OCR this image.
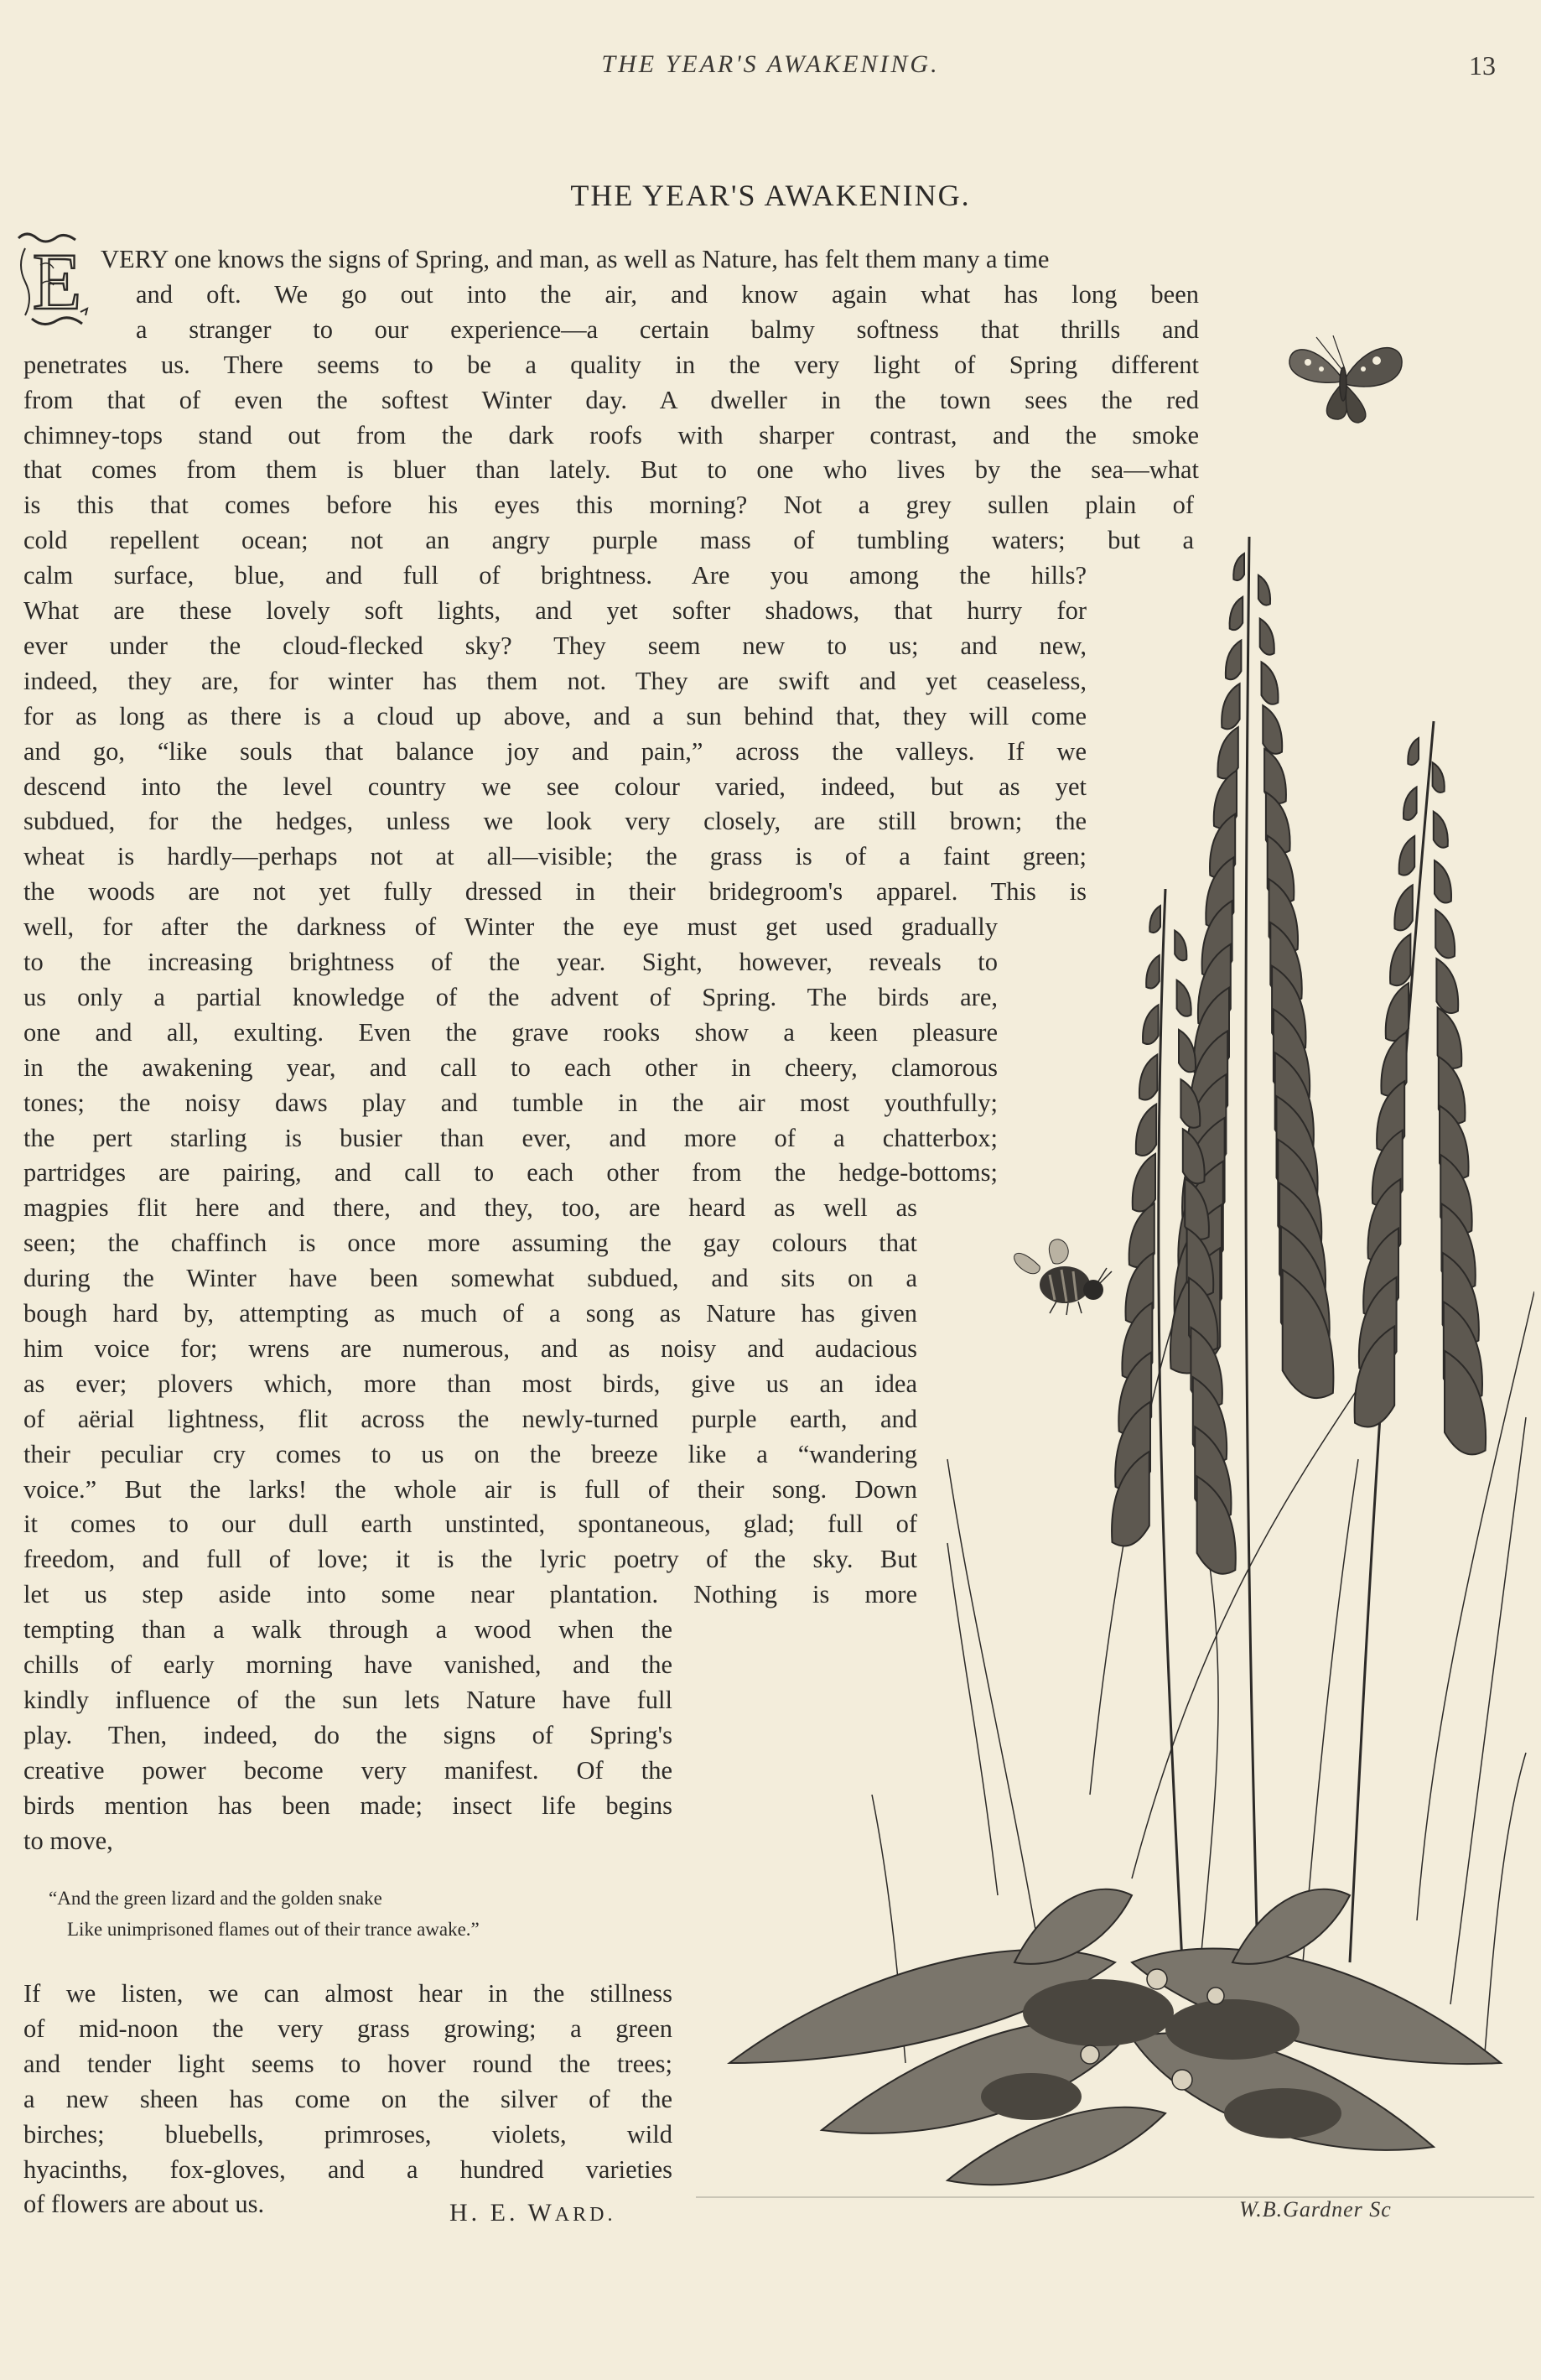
THE YEAR'S AWAKENING.	13
THE YEAR'S AWAKENING.
E VERY one knows the signs of Spring, and man, as well as Nature, has felt them many a time
and oft. We go out into the air, and know again what has long been
a stranger to our experience—a certain balmy softness that thrills and
penetrates us. There seems to be a quality in the very light of Spring different
from that of even the softest Winter day. A dweller in the town sees the red
chimney-tops stand out from the dark roofs with sharper contrast, and the smoke
that comes from them is bluer than lately. But to one who lives by the sea—what
is this that comes before his eyes this morning? Not a grey sullen plain of
cold repellent ocean; not an angry purple mass of tumbling waters; but a
calm surface, blue, and full of brightness. Are you among the hills?
What are these lovely soft lights, and yet softer shadows, that hurry for
ever under the cloud-flecked sky? They seem new to us; and new,
indeed, they are, for winter has them not. They are swift and yet ceaseless,
for as long as there is a cloud up above, and a sun behind that, they will come
and go, “like souls that balance joy and pain,” across the valleys. If we
descend into the level country we see colour varied, indeed, but as yet
subdued, for the hedges, unless we look very closely, are still brown; the
wheat is hardly—perhaps not at all—visible; the grass is of a faint green;
the woods are not yet fully dressed in their bridegroom's apparel. This is
well, for after the darkness of Winter the eye must get used gradually
to the increasing brightness of the year. Sight, however, reveals to
us only a partial knowledge of the advent of Spring. The birds are,
one and all, exulting. Even the grave rooks show a keen pleasure
in the awakening year, and call to each other in cheery, clamorous
tones; the noisy daws play and tumble in the air most youthfully;
the pert starling is busier than ever, and more of a chatterbox;
partridges are pairing, and call to each other from the hedge-bottoms;
magpies flit here and there, and they, too, are heard as well as
seen; the chaffinch is once more assuming the gay colours that
during the Winter have been somewhat subdued, and sits on a
bough hard by, attempting as much of a song as Nature has given
him voice for; wrens are numerous, and as noisy and audacious
as ever; plovers which, more than most birds, give us an idea
of aërial lightness, flit across the newly-turned purple earth, and
their peculiar cry comes to us on the breeze like a “wandering
voice.” But the larks! the whole air is full of their song. Down
it comes to our dull earth unstinted, spontaneous, glad; full of
freedom, and full of love; it is the lyric poetry of the sky. But
let us step aside into some near plantation. Nothing is more
tempting than a walk through a wood when the
chills of early morning have vanished, and the
kindly influence of the sun lets Nature have full
play. Then, indeed, do the signs of Spring's
creative power become very manifest. Of the
birds mention has been made; insect life begins
to move,
“And the green lizard and the golden snake
Like unimprisoned flames out of their trance awake.”
If we listen, we can almost hear in the stillness
of mid-noon the very grass growing; a green
and tender light seems to hover round the trees;
a new sheen has come on the silver of the
birches; bluebells, primroses, violets, wild
hyacinths, fox-gloves, and a hundred varieties
of flowers are about us.	H. E. WARD.	W.B.Gardner Sc
